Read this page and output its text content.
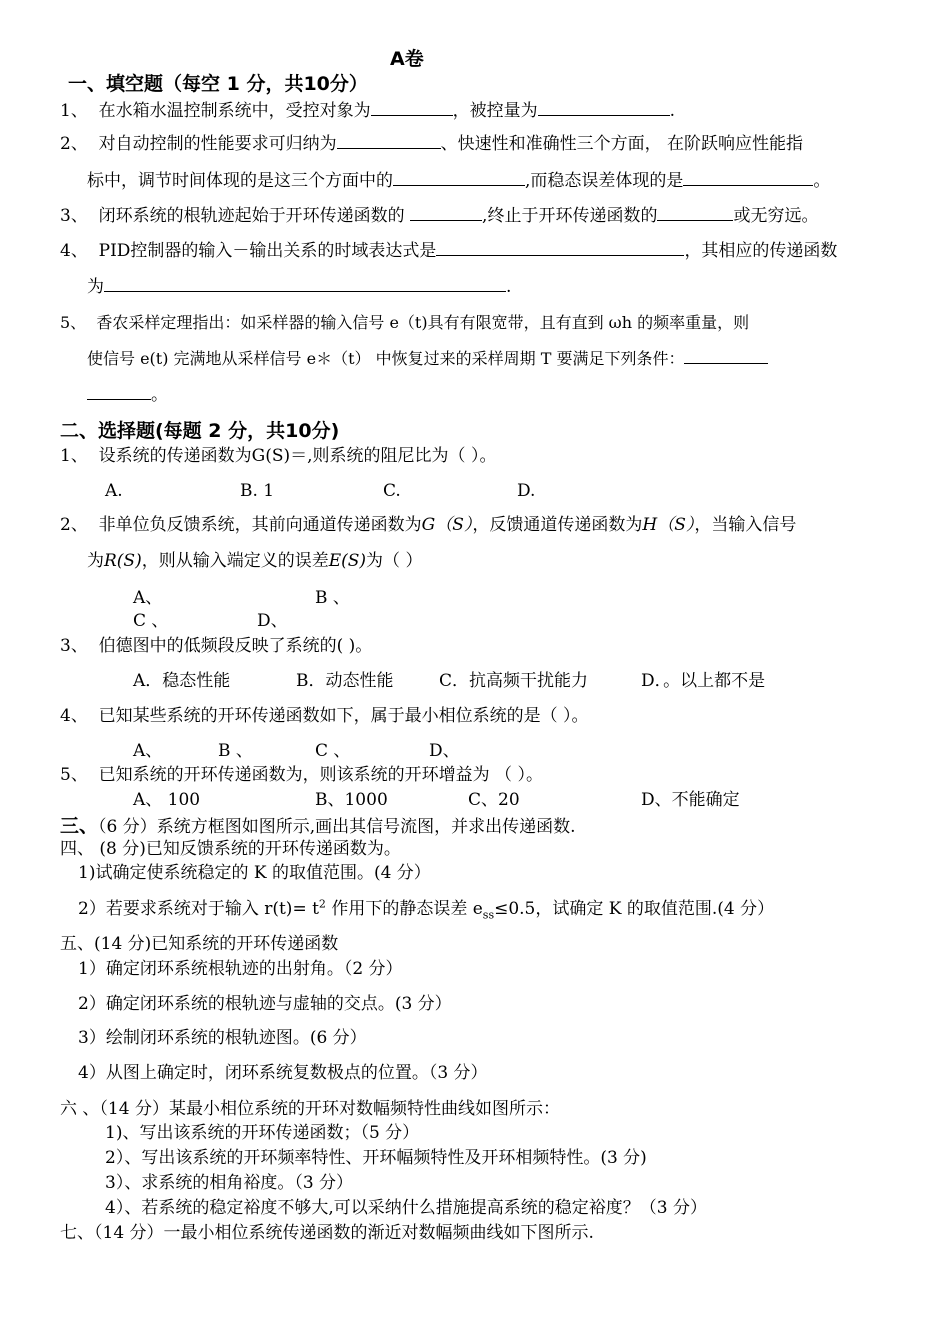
A卷
一、填空题（每空 1 分，共10分）
1、 在水箱水温控制系统中，受控对象为	，被控量为	.
2、 对自动控制的性能要求可归纳为	、快速性和准确性三个方面， 在阶跃响应性能指
标中，调节时间体现的是这三个方面中的	,而稳态误差体现的是	。
3、 闭环系统的根轨迹起始于开环传递函数的	,终止于开环传递函数的	或无穷远。
4、 PID控制器的输入－输出关系的时域表达式是	，其相应的传递函数
为	.
5、 香农采样定理指出：如采样器的输入信号 e（t)具有有限宽带，且有直到 ωh 的频率重量，则
使信号 e(t) 完满地从采样信号 e＊（t） 中恢复过来的采样周期 T 要满足下列条件：
。
二、选择题(每题 2 分，共10分)
1、 设系统的传递函数为G(S)＝,则系统的阻尼比为（ ）。
A.	B. 1	C.	D.
2、 非单位负反馈系统，其前向通道传递函数为G（S），反馈通道传递函数为H（S），当输入信号
为R(S)，则从输入端定义的误差E(S)为（ ）
A、	B 、
C 、	D、
3、 伯德图中的低频段反映了系统的( )。
A．稳态性能	B．动态性能	C．抗高频干扰能力	D．。以上都不是
4、 已知某些系统的开环传递函数如下，属于最小相位系统的是（ ）。
A、	B 、	C 、	D、
5、 已知系统的开环传递函数为，则该系统的开环增益为 （ ）。
A、 100	B、1000	C、20	D、不能确定
三、（6 分）系统方框图如图所示,画出其信号流图，并求出传递函数.
四、 (8 分)已知反馈系统的开环传递函数为。
1)试确定使系统稳定的 K 的取值范围。(4 分）
2）若要求系统对于输入 $r(t)= t^2$ 作用下的静态误差 $e_{ss}\le 0.5$，试确定 K 的取值范围.(4 分）
五、(14 分)已知系统的开环传递函数
1）确定闭环系统根轨迹的出射角。（2 分）
2）确定闭环系统的根轨迹与虚轴的交点。(3 分）
3）绘制闭环系统的根轨迹图。(6 分）
4）从图上确定时，闭环系统复数极点的位置。（3 分）
六 、（14 分）某最小相位系统的开环对数幅频特性曲线如图所示：
1)、写出该系统的开环传递函数；（5 分）
2）、写出该系统的开环频率特性、开环幅频特性及开环相频特性。(3 分)
3）、求系统的相角裕度。（3 分）
4）、若系统的稳定裕度不够大,可以采纳什么措施提高系统的稳定裕度？（3 分）
七、（14 分）一最小相位系统传递函数的渐近对数幅频曲线如下图所示.
